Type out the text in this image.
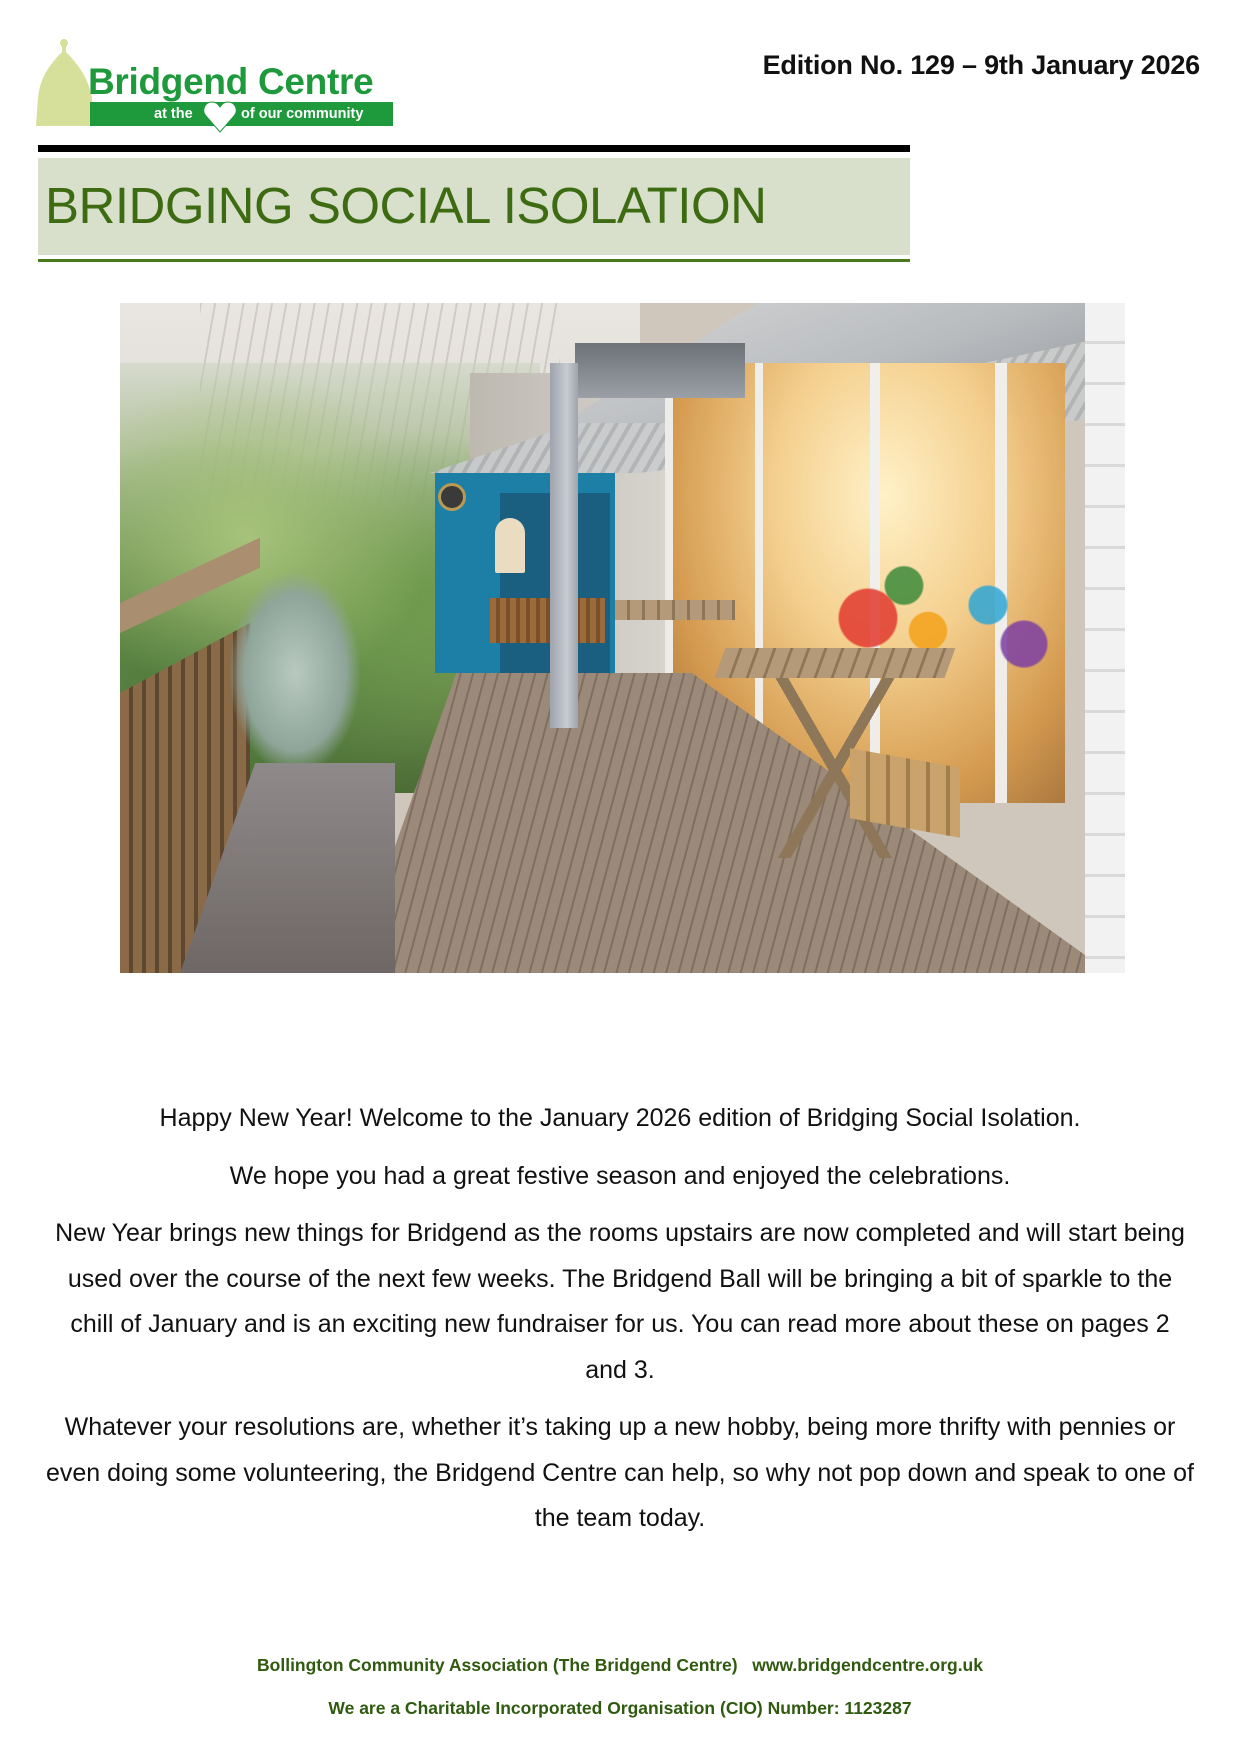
Bridgend Centre
at the	of our community
Edition No. 129 – 9th January 2026
BRIDGING SOCIAL ISOLATION

Happy New Year! Welcome to the January 2026 edition of Bridging Social Isolation.

We hope you had a great festive season and enjoyed the celebrations.

New Year brings new things for Bridgend as the rooms upstairs are now completed and will start being used over the course of the next few weeks. The Bridgend Ball will be bringing a bit of sparkle to the chill of January and is an exciting new fundraiser for us. You can read more about these on pages 2 and 3.

Whatever your resolutions are, whether it’s taking up a new hobby, being more thrifty with pennies or even doing some volunteering, the Bridgend Centre can help, so why not pop down and speak to one of the team today.

Bollington Community Association (The Bridgend Centre) www.bridgendcentre.org.uk
We are a Charitable Incorporated Organisation (CIO) Number: 1123287
